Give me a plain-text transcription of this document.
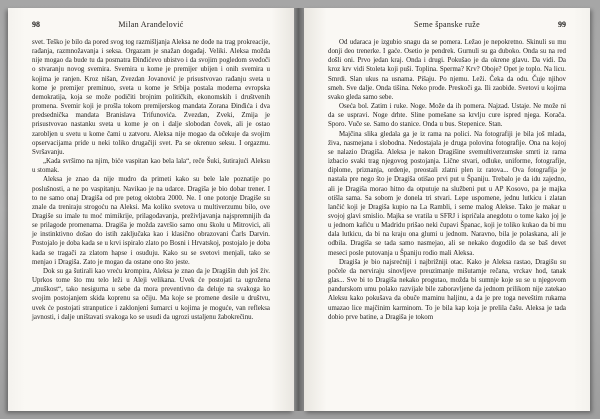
98	Milan Aranđelović

svet. Teško je bilo da pored svog tog razmišljanja Aleksa ne dođe na trag prokreacije, rađanja, razmnožavanja i seksa. Orgazam je snažan događaj. Veliki. Aleksa možda nije mogao da bude tu da posmatra Đinđićevo ubistvo i da svojim pogledom svedoči o stvaranju novog svemira. Svemira u kome je premijer ubijen i onih svemira u kojima je ranjen. Kroz nišan, Zvezdan Jovanović je prisustvovao rađanju sveta u kome je premijer preminuo, sveta u kome je Srbija postala moderna evropska demokratija, koja se može podičiti brojnim političkih, ekonomskih i društvenih promena. Svemir koji je prošla tokom premijerskog mandata Zorana Đinđića i dva predsednička mandata Branislava Trifunovića. Zvezdan, Zveki, Zmija je prisustvovao nastanku sveta u kome je on i dalje slobodan čovek, ali je ostao zarobljen u svetu u kome čami u zatvoru. Aleksa nije mogao da očekuje da svojim opservacijama pride u neki toliko drugačiji svet. Pa se okrenuo seksu. I orgazmu. Svršavanju.

„Kada svršimo na njim, biće vaspitan kao bela lala“, reče Šuki, šutirajući Aleksu u stomak.

Aleksa je znao da nije mudro da primeti kako su bele lale poznatije po poslušnosti, a ne po vaspitanju. Navikao je na udarce. Dragiša je bio dobar trener. I to ne samo onaj Dragiša od pre petog oktobra 2000. Ne. I one potonje Dragiše su znale da treniraju strogoću na Aleksi. Ma koliko svetova u multiverzumu bilo, ove Dragiše su imale tu moć mimikrije, prilagođavanja, preživljavanja najspremnijih da se prilagode promenama. Dragiša je možda završio samo onu školu u Mitrovici, ali je instinktivno došao do istih zaključaka kao i klasično obrazovani Čarls Darvin. Postojalo je doba kada se u krvi ispiralo zlato po Bosni i Hrvatskoj, postojalo je doba kada se tragači za zlatom hapse i osuđuju. Kako su se svetovi menjali, tako se menjao i Dragiša. Zato je mogao da ostane ono što jeste.

Dok su ga šutirali kao vreću krompira, Aleksa je znao da je Dragišin duh još živ. Uprkos tome što mu telo leži u Aleji velikana. Uvek će postojati ta ugrožena „muškost“, tako nesigurna u sebe da mora preventivno da deluje na svakoga ko svojim postojanjem skida koprenu sa očiju. Ma koje se promene desile u društvu, uvek će postojati stranputice i zaklonjeni šumarci u kojima je moguće, van refleksa javnosti, i dalje uništavati svakoga ko se usudi da ugrozi ustaljenu žabokrečinu.

Seme španske ruže	99

Od udaraca je izgubio snagu da se pomera. Ležao je nepokretno. Skinuli su mu donji deo trenerke. I gaće. Osetio je pendrek. Gurnuli su ga duboko. Onda su na red došli oni. Prvo jedan kraj. Onda i drugi. Pokušao je da okrene glavu. Da vidi. Da kroz krv vidi Stoleta koji puši. Toplina. Sperma? Krv? Oboje? Opet je toplo. Na licu. Smrdi. Slan ukus na usnama. Pišaju. Po njemu. Leži. Čeka da odu. Čuje njihov smeh. Sve dalje. Onda tišina. Neko prođe. Preskoči ga. Ili zaobiđe. Svetovi u kojima svako gleda samo sebe.

Oseća bol. Zatim i ruke. Noge. Može da ih pomera. Najzad. Ustaje. Ne može ni da se uspravi. Noge drhte. Sline pomešane sa krvlju cure ispred njega. Korača. Sporo. Vuče se. Samo do stanice. Onda u bus. Stepenice. Stan.

Majčina slika gledala ga je iz rama na polici. Na fotografiji je bila još mlada, živa, nasmejana i slobodna. Nedostajala je druga polovina fotografije. Ona na kojoj se nalazio Dragiša. Aleksa je nakon Dragišine svemultiverzumske smrti iz rama izbacio svaki trag njegovog postojanja. Lične stvari, odluke, uniforme, fotografije, diplome, priznanja, ordenje, preostali zlatni plen iz ratova... Ova fotografija je nastala pre nego što je Dragiša otišao prvi put u Španiju. Trebalo je da idu zajedno, ali je Dragiša morao hitno da otputuje na službeni put u AP Kosovo, pa je majka otišla sama. Sa sobom je donela tri stvari. Lepe uspomene, jednu lutkicu i zlatan lančić koji je Dragiša kupio na La Rambli, i seme malog Alekse. Tako je makar u svojoj glavi smislio. Majka se vratila u SFRJ i ispričala anegdotu o tome kako joj je u jednom kafiću u Madridu prišao neki čupavi Španac, koji je toliko kukao da bi mu dala lutkicu, da bi na kraju ona glumi u jednom. Naravno, bila je polaskana, ali je odbila. Dragiša se tada samo nasmejao, ali se nekako dogodilo da se baš devet meseci posle putovanja u Španiju rodio mali Aleksa.

Dragiša je bio najsrećniji i najbrižniji otac. Kako je Aleksa rastao, Dragišu su počele da nerviraju sinovljeve preuzimanje mišutarnje rečana, vrckav hod, tanak glas... Sve bi to Dragiša nekako progutao, možda bi sumnje koje su se u njegovom pandurskom umu polako razvijale bile zaboravljene da jednom prilikom nije zatekao Aleksu kako pokušava da obuče maminu haljinu, a da je pre toga neveštim rukama umazao lice majčinim karminom. To je bila kap koja je prelila čašu. Aleksa je tada dobio prve batine, a Dragiša je tokom
